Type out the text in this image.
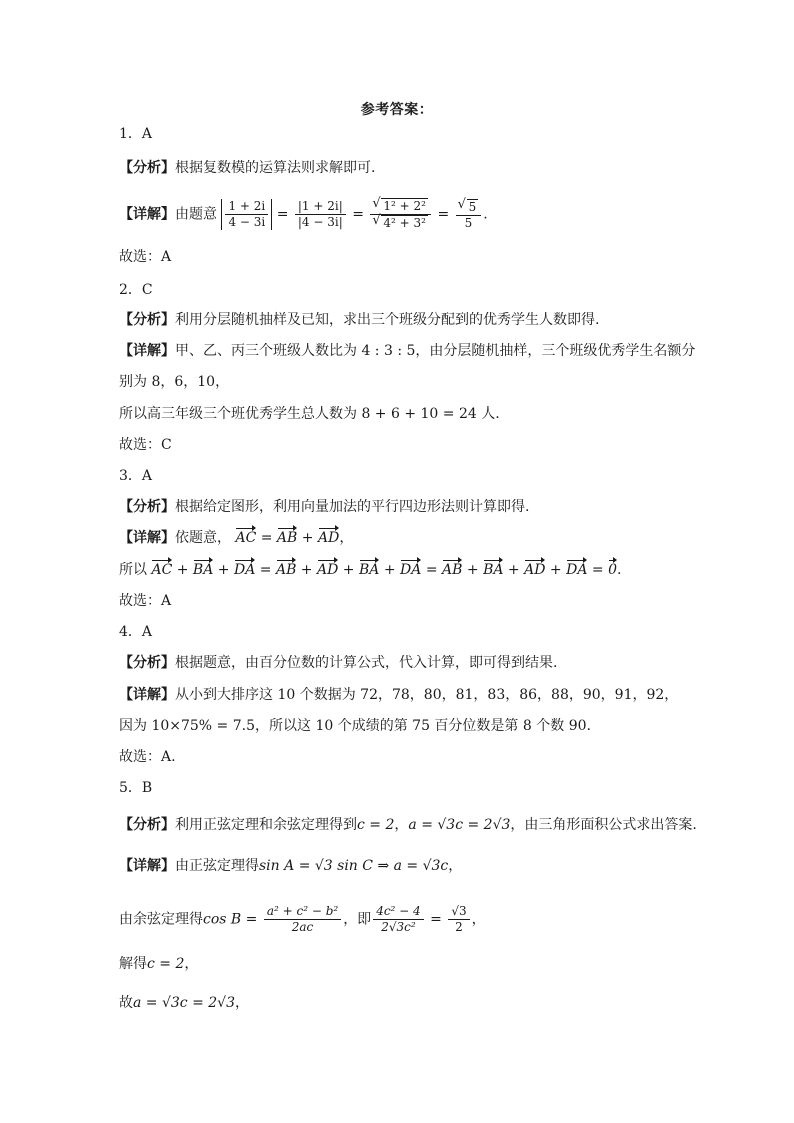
参考答案：
1．A
【分析】根据复数模的运算法则求解即可.
【详解】由题意 $\frac{1 + 2i}{4 - 3i} = \frac{|1 + 2i|}{|4 - 3i|}$ = √ 1² + 2²
√ 4² + 3² = √ $\frac{5}{5}$ .
故选：A
2．C
【分析】利用分层随机抽样及已知，求出三个班级分配到的优秀学生人数即得.
【详解】甲、乙、丙三个班级人数比为 4 : 3 : 5，由分层随机抽样，三个班级优秀学生名额分
别为 8，6，10，
所以高三年级三个班优秀学生总人数为 8 + 6 + 10 = 24 人.
故选：C
3．A
【分析】根据给定图形，利用向量加法的平行四边形法则计算即得.
【详解】依题意， AC = AB + AD，
所以 AC + BA + DA = AB + AD + BA + DA = AB + BA + AD + DA = 0.
故选：A
4．A
【分析】根据题意，由百分位数的计算公式，代入计算，即可得到结果.
【详解】从小到大排序这 10 个数据为 72，78，80，81，83，86，88，90，91，92，
因为 10×75% = 7.5，所以这 10 个成绩的第 75 百分位数是第 8 个数 90.
故选：A.
5．B
【分析】利用正弦定理和余弦定理得到c = 2，a = √3c = 2√3，由三角形面积公式求出答案.
【详解】由正弦定理得sin A = √3 sin C ⇒ a = √3c，
由余弦定理得$\cos B = \frac{\text{a² + c² − b²}}{2ac}$ ，即 $\frac{\text{4c² − 4}}{\text{2√3c²}} = \frac{√3}{2}$ ，
解得c = 2，
故a = √3c = 2√3，
